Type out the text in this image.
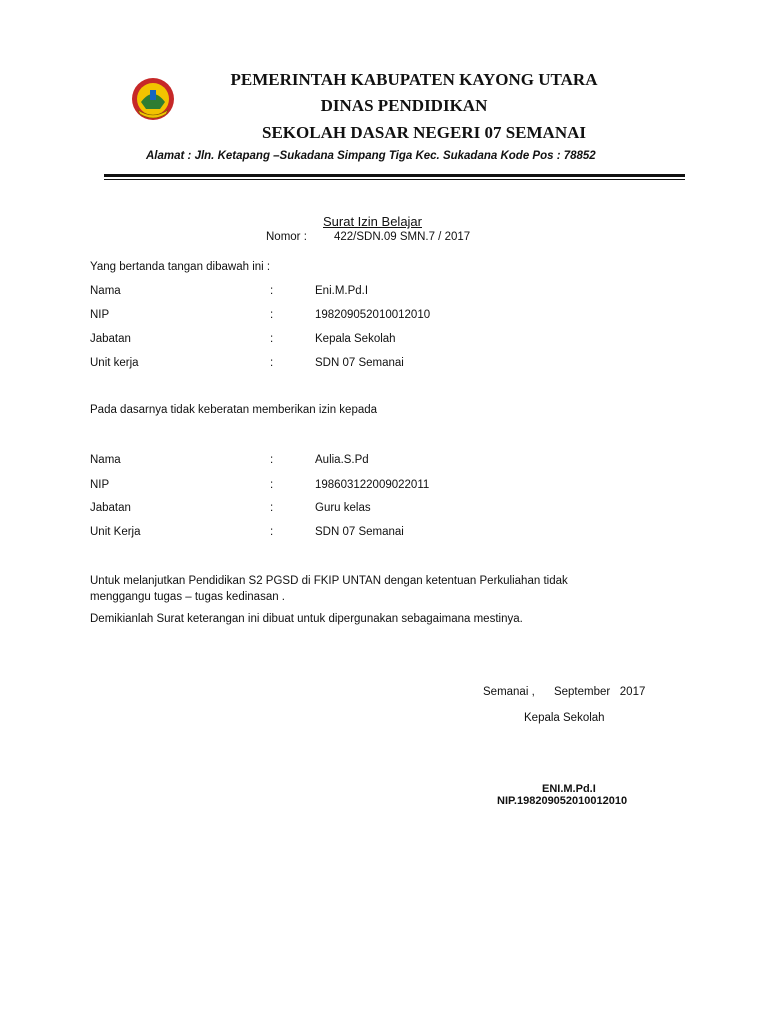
PEMERINTAH KABUPATEN KAYONG UTARA
DINAS PENDIDIKAN
SEKOLAH DASAR NEGERI 07 SEMANAI
Alamat : Jln. Ketapang –Sukadana Simpang Tiga Kec. Sukadana Kode Pos : 78852
Surat Izin Belajar
Nomor : 422/SDN.09 SMN.7 / 2017
Yang bertanda tangan dibawah ini :
Nama	:	Eni.M.Pd.I
NIP	:	198209052010012010
Jabatan	:	Kepala Sekolah
Unit kerja	:	SDN 07 Semanai
Pada dasarnya tidak keberatan memberikan izin kepada
Nama	:	Aulia.S.Pd
NIP	:	198603122009022011
Jabatan	:	Guru kelas
Unit Kerja	:	SDN 07 Semanai
Untuk melanjutkan Pendidikan S2 PGSD di FKIP UNTAN dengan ketentuan Perkuliahan tidak
menggangu tugas – tugas kedinasan .
Demikianlah Surat keterangan ini dibuat untuk dipergunakan sebagaimana mestinya.
Semanai ,      September   2017
Kepala Sekolah
ENI.M.Pd.I
NIP.198209052010012010
